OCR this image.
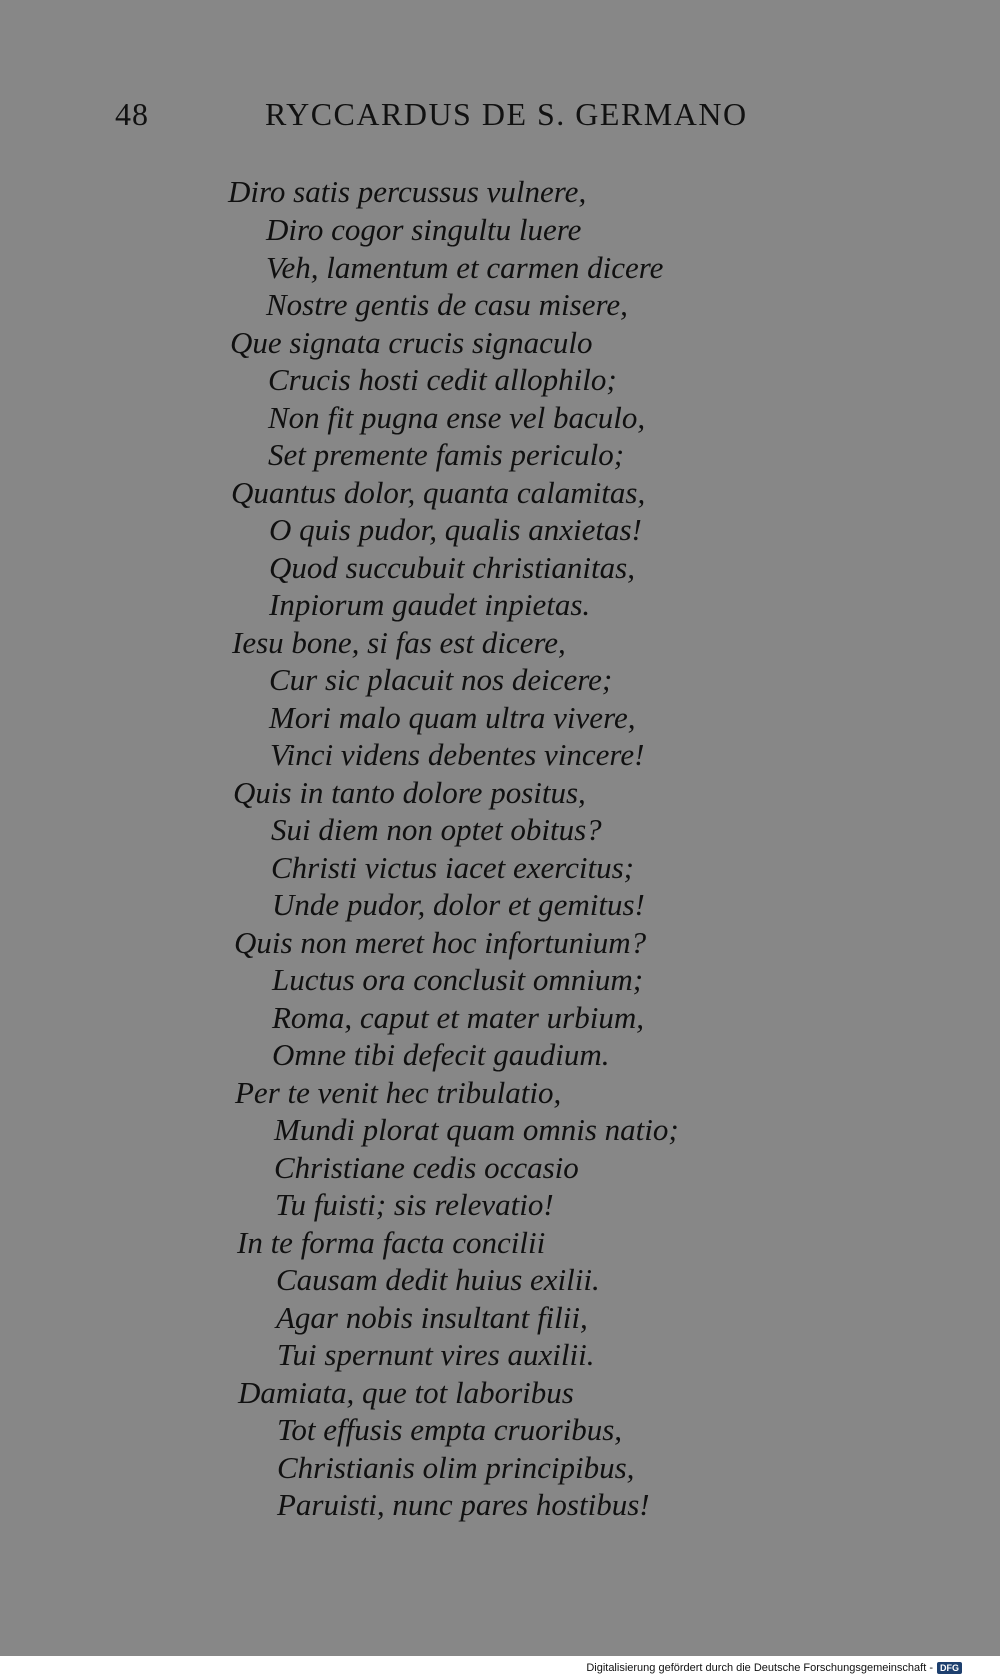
48	RYCCARDUS DE S. GERMANO
Diro satis percussus vulnere,
Diro cogor singultu luere
Veh, lamentum et carmen dicere
Nostre gentis de casu misere,
Que signata crucis signaculo
Crucis hosti cedit allophilo;
Non fit pugna ense vel baculo,
Set premente famis periculo;
Quantus dolor, quanta calamitas,
O quis pudor, qualis anxietas!
Quod succubuit christianitas,
Inpiorum gaudet inpietas.
Iesu bone, si fas est dicere,
Cur sic placuit nos deicere;
Mori malo quam ultra vivere,
Vinci videns debentes vincere!
Quis in tanto dolore positus,
Sui diem non optet obitus?
Christi victus iacet exercitus;
Unde pudor, dolor et gemitus!
Quis non meret hoc infortunium?
Luctus ora conclusit omnium;
Roma, caput et mater urbium,
Omne tibi defecit gaudium.
Per te venit hec tribulatio,
Mundi plorat quam omnis natio;
Christiane cedis occasio
Tu fuisti; sis relevatio!
In te forma facta concilii
Causam dedit huius exilii.
Agar nobis insultant filii,
Tui spernunt vires auxilii.
Damiata, que tot laboribus
Tot effusis empta cruoribus,
Christianis olim principibus,
Paruisti, nunc pares hostibus!
Digitalisierung gefördert durch die Deutsche Forschungsgemeinschaft - DFG
